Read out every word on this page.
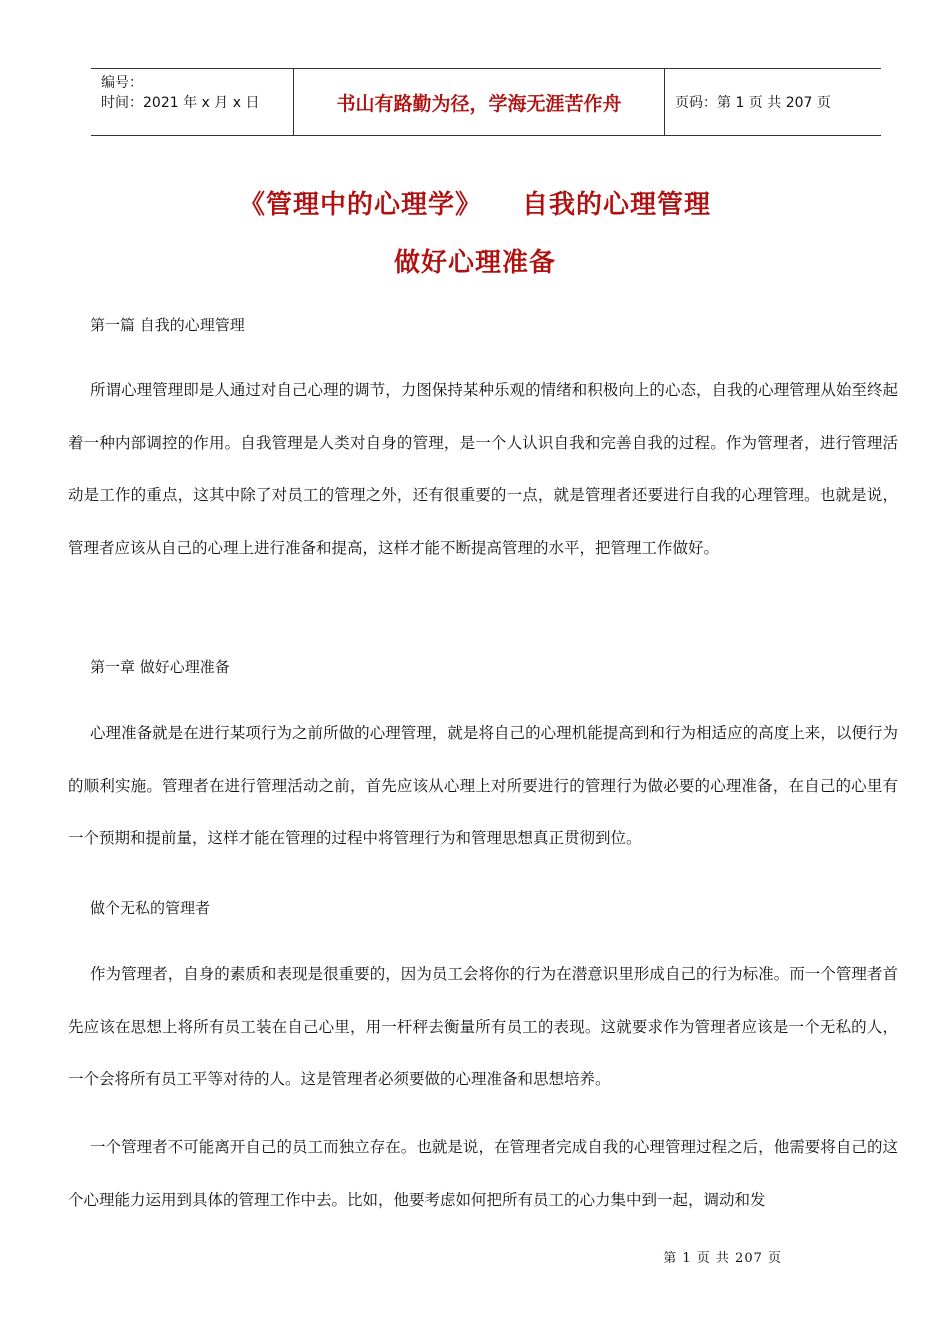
编号：
时间：2021 年 x 月 x 日	书山有路勤为径，学海无涯苦作舟	页码：第 1 页 共 207 页
《管理中的心理学》 自我的心理管理
做好心理准备
第一篇 自我的心理管理

所谓心理管理即是人通过对自己心理的调节，力图保持某种乐观的情绪和积极向上的心态，自我的心理管理从始至终起着一种内部调控的作用。自我管理是人类对自身的管理，是一个人认识自我和完善自我的过程。作为管理者，进行管理活动是工作的重点，这其中除了对员工的管理之外，还有很重要的一点，就是管理者还要进行自我的心理管理。也就是说，管理者应该从自己的心理上进行准备和提高，这样才能不断提高管理的水平，把管理工作做好。

第一章 做好心理准备

心理准备就是在进行某项行为之前所做的心理管理，就是将自己的心理机能提高到和行为相适应的高度上来，以便行为的顺利实施。管理者在进行管理活动之前，首先应该从心理上对所要进行的管理行为做必要的心理准备，在自己的心里有一个预期和提前量，这样才能在管理的过程中将管理行为和管理思想真正贯彻到位。

做个无私的管理者

作为管理者，自身的素质和表现是很重要的，因为员工会将你的行为在潜意识里形成自己的行为标准。而一个管理者首先应该在思想上将所有员工装在自己心里，用一杆秤去衡量所有员工的表现。这就要求作为管理者应该是一个无私的人，一个会将所有员工平等对待的人。这是管理者必须要做的心理准备和思想培养。

一个管理者不可能离开自己的员工而独立存在。也就是说，在管理者完成自我的心理管理过程之后，他需要将自己的这个心理能力运用到具体的管理工作中去。比如，他要考虑如何把所有员工的心力集中到一起，调动和发

第 1 页 共 207 页
